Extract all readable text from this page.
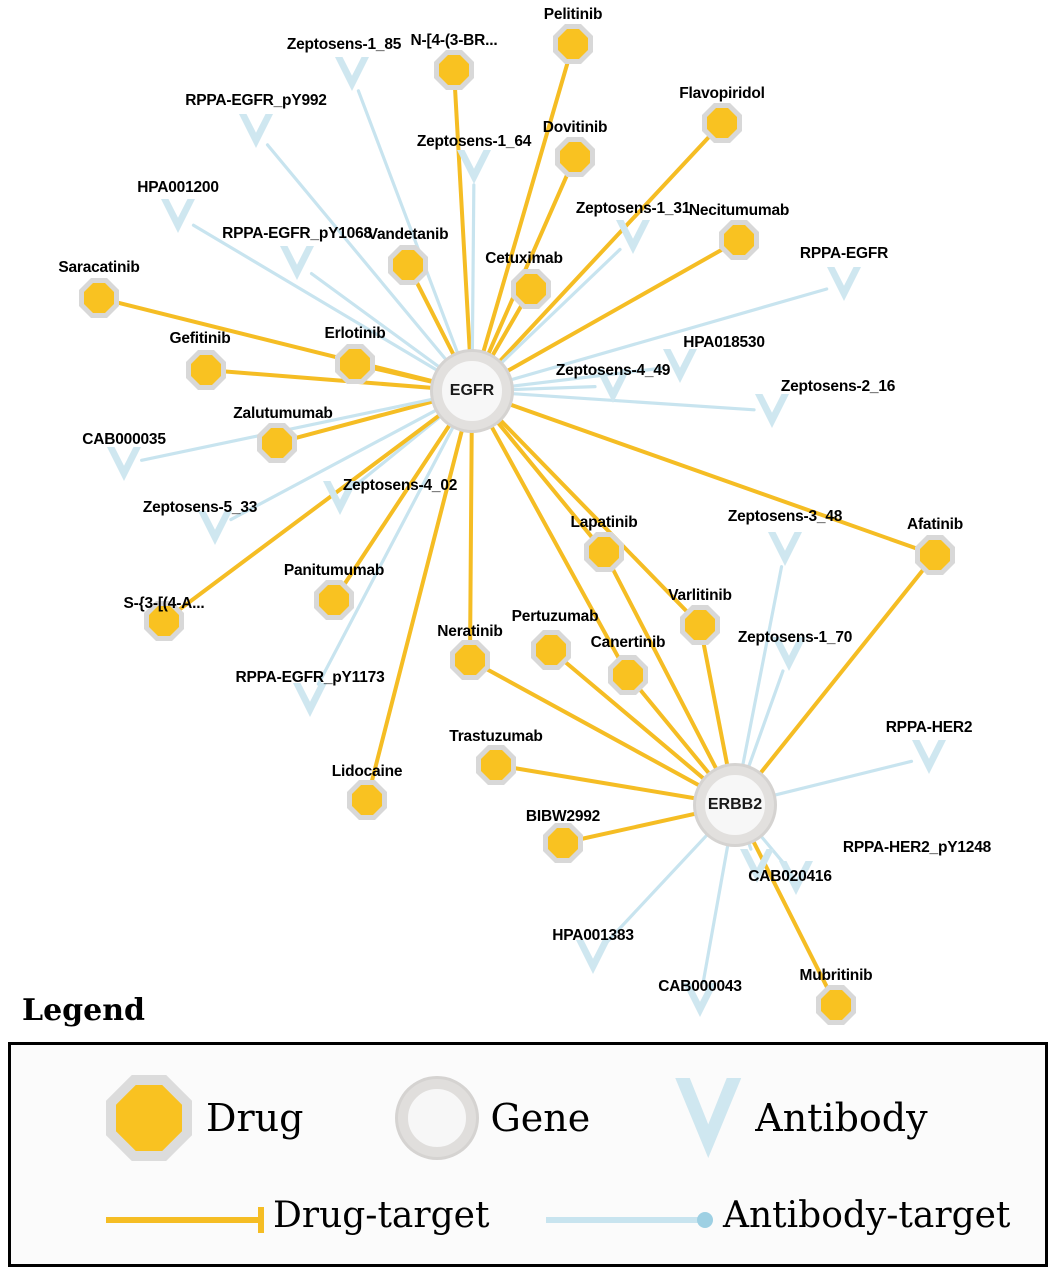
EGFR
ERBB2
Pelitinib
N-[4-(3-BR...
Zeptosens-1_85
Flavopiridol
Dovitinib
RPPA-EGFR_pY992
Zeptosens-1_64
Necitumumab
Zeptosens-1_31
HPA001200
RPPA-EGFR_pY1068
Vandetanib
Cetuximab	RPPA-EGFR
Saracatinib
Gefitinib	Erlotinib
HPA018530
Zeptosens-4_49
Zeptosens-2_16
Zalutumumab
CAB000035
Zeptosens-4_02
Zeptosens-5_33
Lapatinib	Zeptosens-3_48	Afatinib
Panitumumab
S-{3-[(4-A...	Varlitinib
Pertuzumab
Neratinib
Canertinib	Zeptosens-1_70
RPPA-EGFR_pY1173
RPPA-HER2
Trastuzumab
Lidocaine
BIBW2992
RPPA-HER2_pY1248
CAB020416
HPA001383
CAB000043
Mubritinib
Legend
Drug	Gene	Antibody
Drug-target	Antibody-target
